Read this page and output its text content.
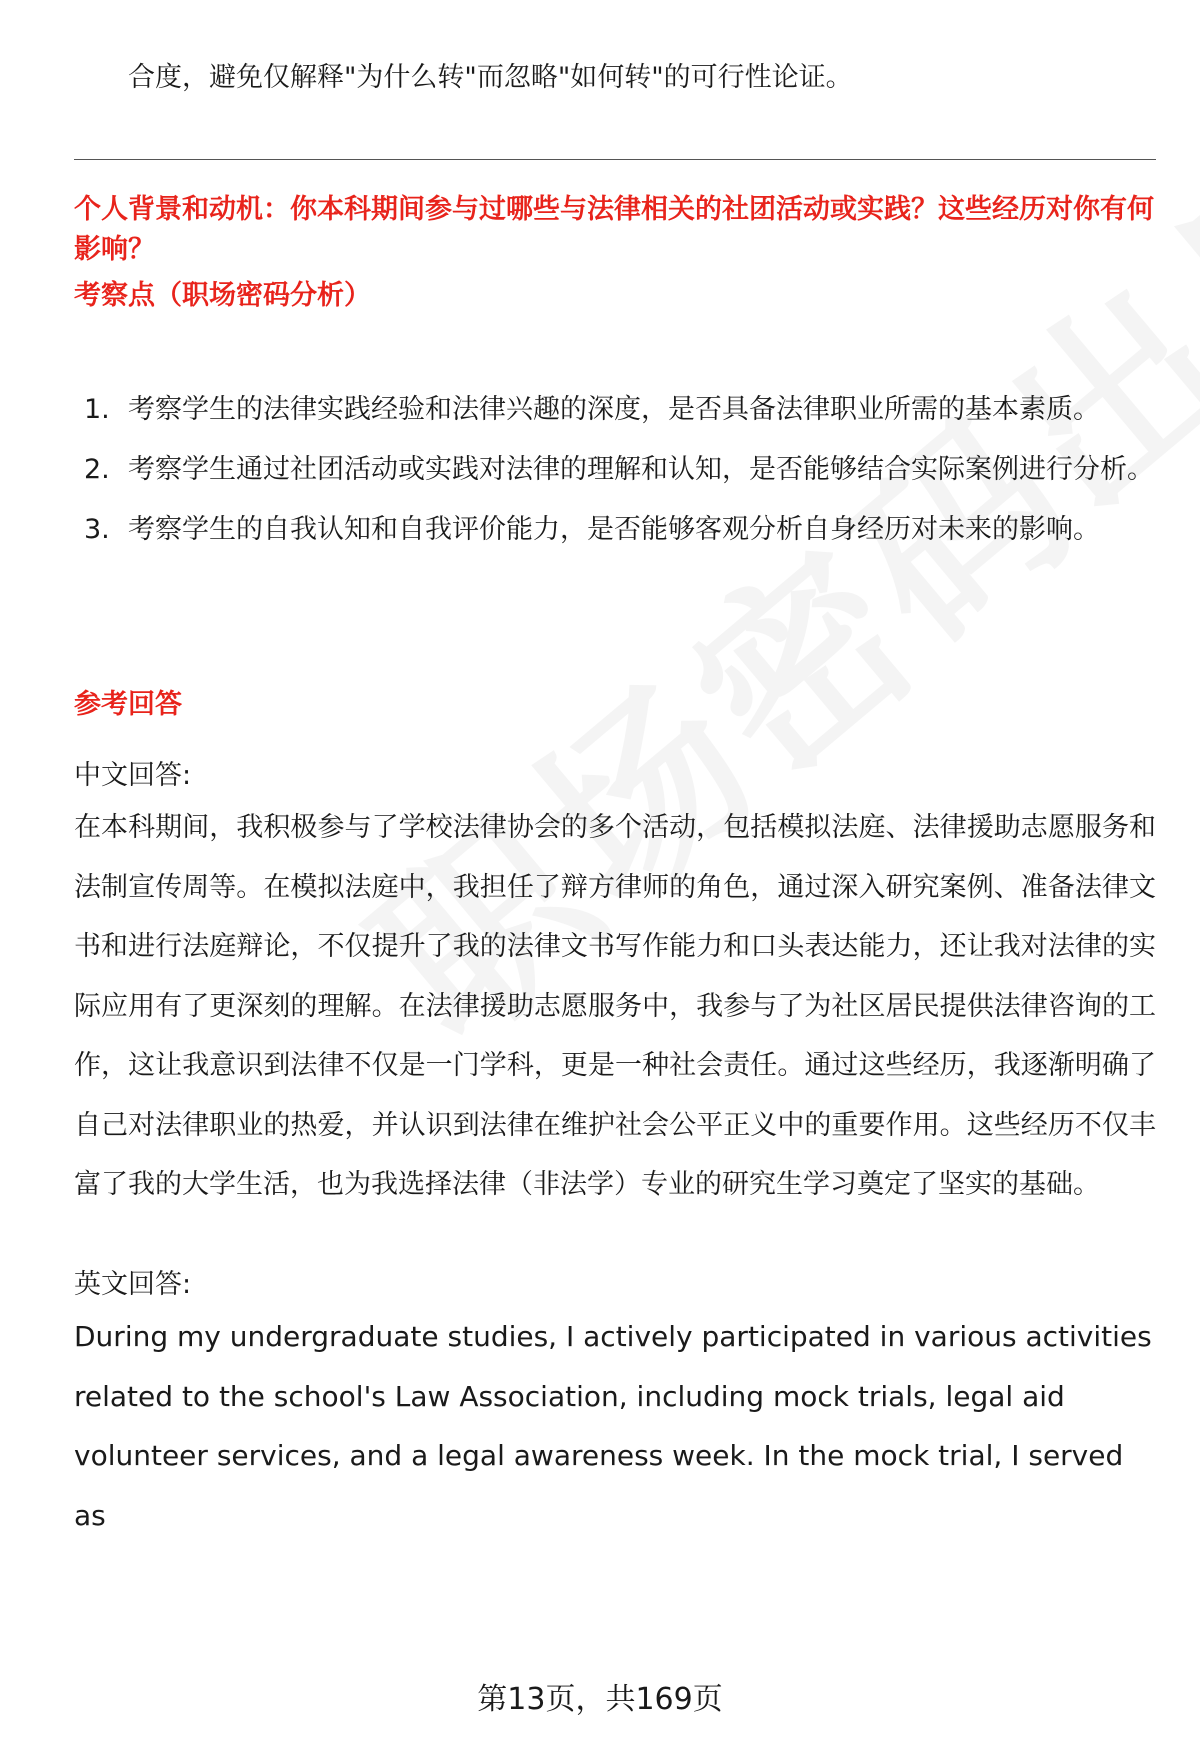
合度，避免仅解释"为什么转"而忽略"如何转"的可行性论证。
个人背景和动机：你本科期间参与过哪些与法律相关的社团活动或实践？这些经历对你有何影响？
考察点（职场密码分析）
1. 考察学生的法律实践经验和法律兴趣的深度，是否具备法律职业所需的基本素质。
2. 考察学生通过社团活动或实践对法律的理解和认知，是否能够结合实际案例进行分析。
3. 考察学生的自我认知和自我评价能力，是否能够客观分析自身经历对未来的影响。
参考回答
中文回答:
在本科期间，我积极参与了学校法律协会的多个活动，包括模拟法庭、法律援助志愿服务和法制宣传周等。在模拟法庭中，我担任了辩方律师的角色，通过深入研究案例、准备法律文书和进行法庭辩论，不仅提升了我的法律文书写作能力和口头表达能力，还让我对法律的实际应用有了更深刻的理解。在法律援助志愿服务中，我参与了为社区居民提供法律咨询的工作，这让我意识到法律不仅是一门学科，更是一种社会责任。通过这些经历，我逐渐明确了自己对法律职业的热爱，并认识到法律在维护社会公平正义中的重要作用。这些经历不仅丰富了我的大学生活，也为我选择法律（非法学）专业的研究生学习奠定了坚实的基础。
英文回答:
During my undergraduate studies, I actively participated in various activities related to the school's Law Association, including mock trials, legal aid volunteer services, and a legal awareness week. In the mock trial, I served as
第13页，共169页
